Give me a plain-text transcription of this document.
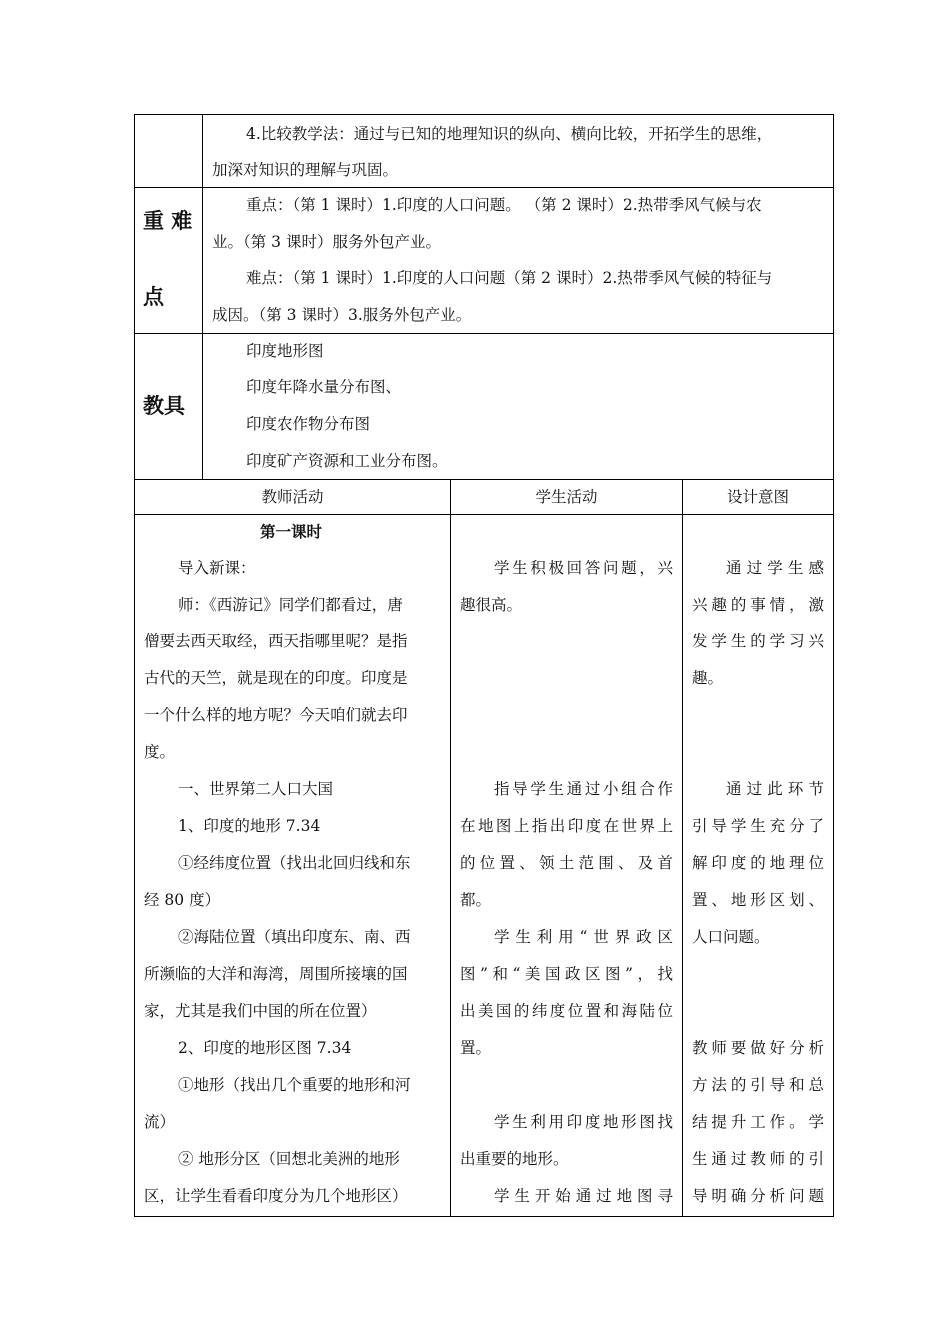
4.比较教学法：通过与已知的地理知识的纵向、横向比较，开拓学生的思维，
加深对知识的理解与巩固。
重 难
点
重点：（第 1 课时）1.印度的人口问题。 （第 2 课时）2.热带季风气候与农
业。（第 3 课时）服务外包产业。
难点：（第 1 课时）1.印度的人口问题（第 2 课时）2.热带季风气候的特征与
成因。（第 3 课时）3.服务外包产业。
教具
印度地形图
印度年降水量分布图、
印度农作物分布图
印度矿产资源和工业分布图。
教师活动	学生活动	设计意图
第一课时
导入新课：
师：《西游记》同学们都看过，唐
僧要去西天取经，西天指哪里呢？是指
古代的天竺，就是现在的印度。印度是
一个什么样的地方呢？今天咱们就去印
度。
一、世界第二人口大国
1、印度的地形 7.34
①经纬度位置（找出北回归线和东
经 80 度）
②海陆位置（填出印度东、南、西
所濒临的大洋和海湾，周围所接壤的国
家，尤其是我们中国的所在位置）
2、印度的地形区图 7.34
①地形（找出几个重要的地形和河
流）
② 地形分区（回想北美洲的地形
区，让学生看看印度分为几个地形区）
学生积极回答问题，兴
趣很高。
指导学生通过小组合作
在地图上指出印度在世界上
的位置、领土范围、及首
都。
学生利用“世界政区
图”和“美国政区图”，找
出美国的纬度位置和海陆位
置。
学生利用印度地形图找
出重要的地形。
学生开始通过地图寻
通过学生感
兴趣的事情，激
发学生的学习兴
趣。
通过此环节
引导学生充分了
解印度的地理位
置、地形区划、
人口问题。
教师要做好分析
方法的引导和总
结提升工作。学
生通过教师的引
导明确分析问题
